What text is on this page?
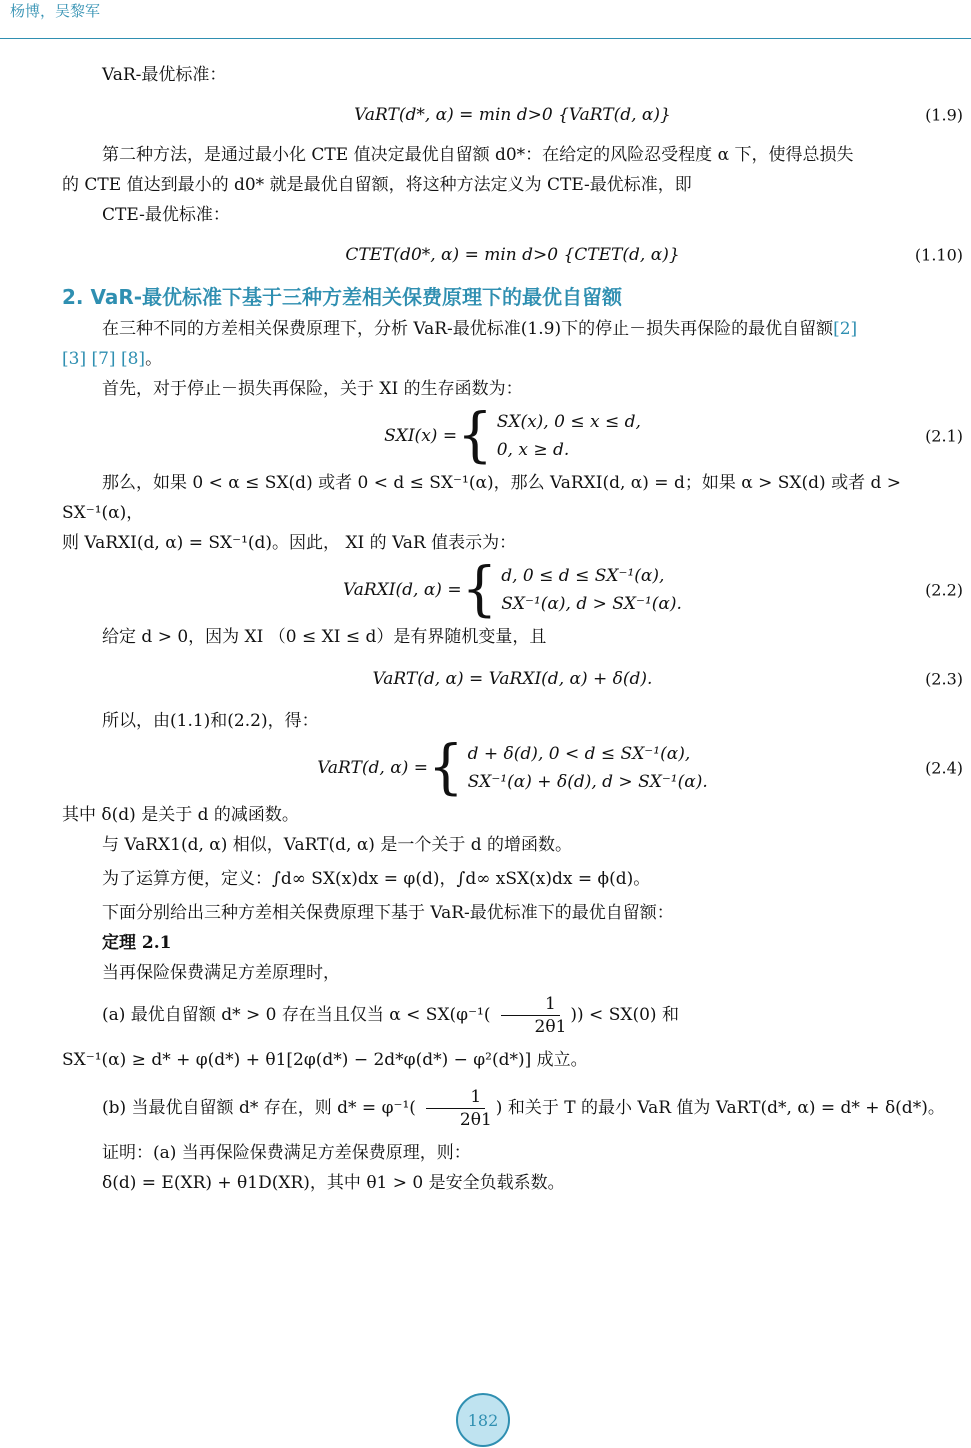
杨博，吴黎军

VaR-最优标准：

VaRT(d*, α) = min d>0 {VaRT(d, α)}	(1.9)

第二种方法，是通过最小化 CTE 值决定最优自留额 d0*：在给定的风险忍受程度 α 下，使得总损失

的 CTE 值达到最小的 d0* 就是最优自留额，将这种方法定义为 CTE-最优标准，即

CTE-最优标准：

CTET(d0*, α) = min d>0 {CTET(d, α)}	(1.10)
2. VaR-最优标准下基于三种方差相关保费原理下的最优自留额

在三种不同的方差相关保费原理下，分析 VaR-最优标准(1.9)下的停止－损失再保险的最优自留额[2]

[3] [7] [8]。

首先，对于停止－损失再保险，关于 XI 的生存函数为：

SXI(x) = { SX(x), 0 ≤ x ≤ d,
0, x ≥ d.
(2.1)

那么，如果 0 < α ≤ SX(d) 或者 0 < d ≤ SX⁻¹(α)，那么 VaRXI(d, α) = d；如果 α > SX(d) 或者 d > SX⁻¹(α)，

则 VaRXI(d, α) = SX⁻¹(d)。因此， XI 的 VaR 值表示为：

VaRXI(d, α) = { d, 0 ≤ d ≤ SX⁻¹(α),
SX⁻¹(α), d > SX⁻¹(α).
(2.2)

给定 d > 0，因为 XI （0 ≤ XI ≤ d）是有界随机变量，且

VaRT(d, α) = VaRXI(d, α) + δ(d).	(2.3)

所以，由(1.1)和(2.2)，得：

VaRT(d, α) = { d + δ(d), 0 < d ≤ SX⁻¹(α),
SX⁻¹(α) + δ(d), d > SX⁻¹(α).
(2.4)

其中 δ(d) 是关于 d 的减函数。

与 VaRX1(d, α) 相似，VaRT(d, α) 是一个关于 d 的增函数。

为了运算方便，定义：∫d∞ SX(x)dx = φ(d)，∫d∞ xSX(x)dx = ϕ(d)。

下面分别给出三种方差相关保费原理下基于 VaR-最优标准下的最优自留额：

定理 2.1

当再保险保费满足方差原理时，

(a) 最优自留额 d* > 0 存在当且仅当 $\alpha < SX(\varphi^{-1}( \frac{1}{2\theta 1}$ )) < SX(0) 和

SX⁻¹(α) ≥ d* + φ(d*) + θ1[2φ(d*) − 2d*φ(d*) − φ²(d*)] 成立。

(b) 当最优自留额 d* 存在，则 $d* = \varphi^{-1}( \frac{1}{2\theta 1}$ ) 和关于 T 的最小 VaR 值为 VaRT(d*, α) = d* + δ(d*)。

证明：(a) 当再保险保费满足方差保费原理，则：

δ(d) = E(XR) + θ1D(XR)，其中 θ1 > 0 是安全负载系数。

182
